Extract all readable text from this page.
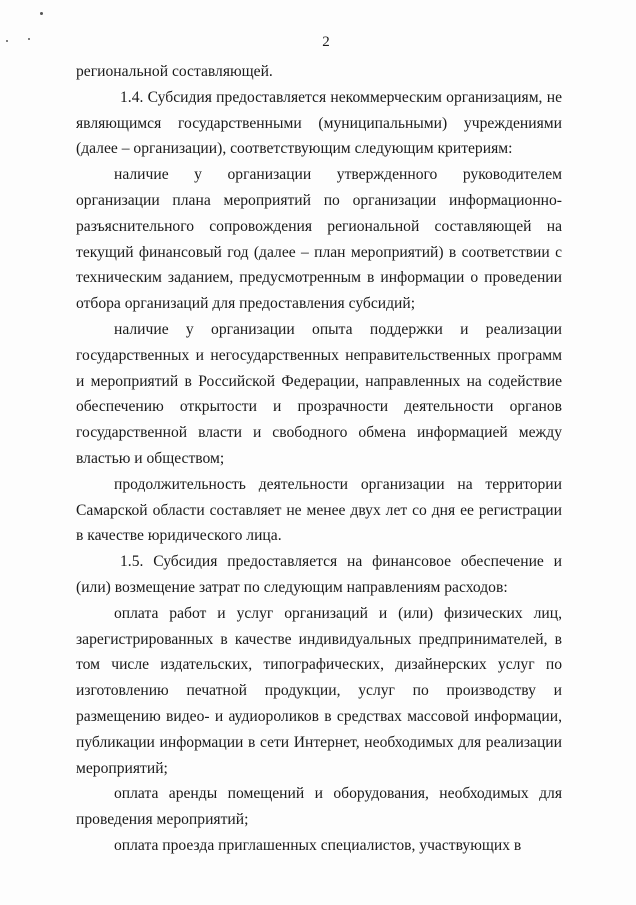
2

региональной составляющей.

1.4. Субсидия предоставляется некоммерческим организациям, не являющимся государственными (муниципальными) учреждениями (далее – организации), соответствующим следующим критериям:

наличие у организации утвержденного руководителем организации плана мероприятий по организации информационно-разъяснительного сопровождения региональной составляющей на текущий финансовый год (далее – план мероприятий) в соответствии с техническим заданием, предусмотренным в информации о проведении отбора организаций для предоставления субсидий;

наличие у организации опыта поддержки и реализации государственных и негосударственных неправительственных программ и мероприятий в Российской Федерации, направленных на содействие обеспечению открытости и прозрачности деятельности органов государственной власти и свободного обмена информацией между властью и обществом;

продолжительность деятельности организации на территории Самарской области составляет не менее двух лет со дня ее регистрации в качестве юридического лица.

1.5. Субсидия предоставляется на финансовое обеспечение и (или) возмещение затрат по следующим направлениям расходов:

оплата работ и услуг организаций и (или) физических лиц, зарегистрированных в качестве индивидуальных предпринимателей, в том числе издательских, типографических, дизайнерских услуг по изготовлению печатной продукции, услуг по производству и размещению видео- и аудиороликов в средствах массовой информации, публикации информации в сети Интернет, необходимых для реализации мероприятий;

оплата аренды помещений и оборудования, необходимых для проведения мероприятий;

оплата проезда приглашенных специалистов, участвующих в
